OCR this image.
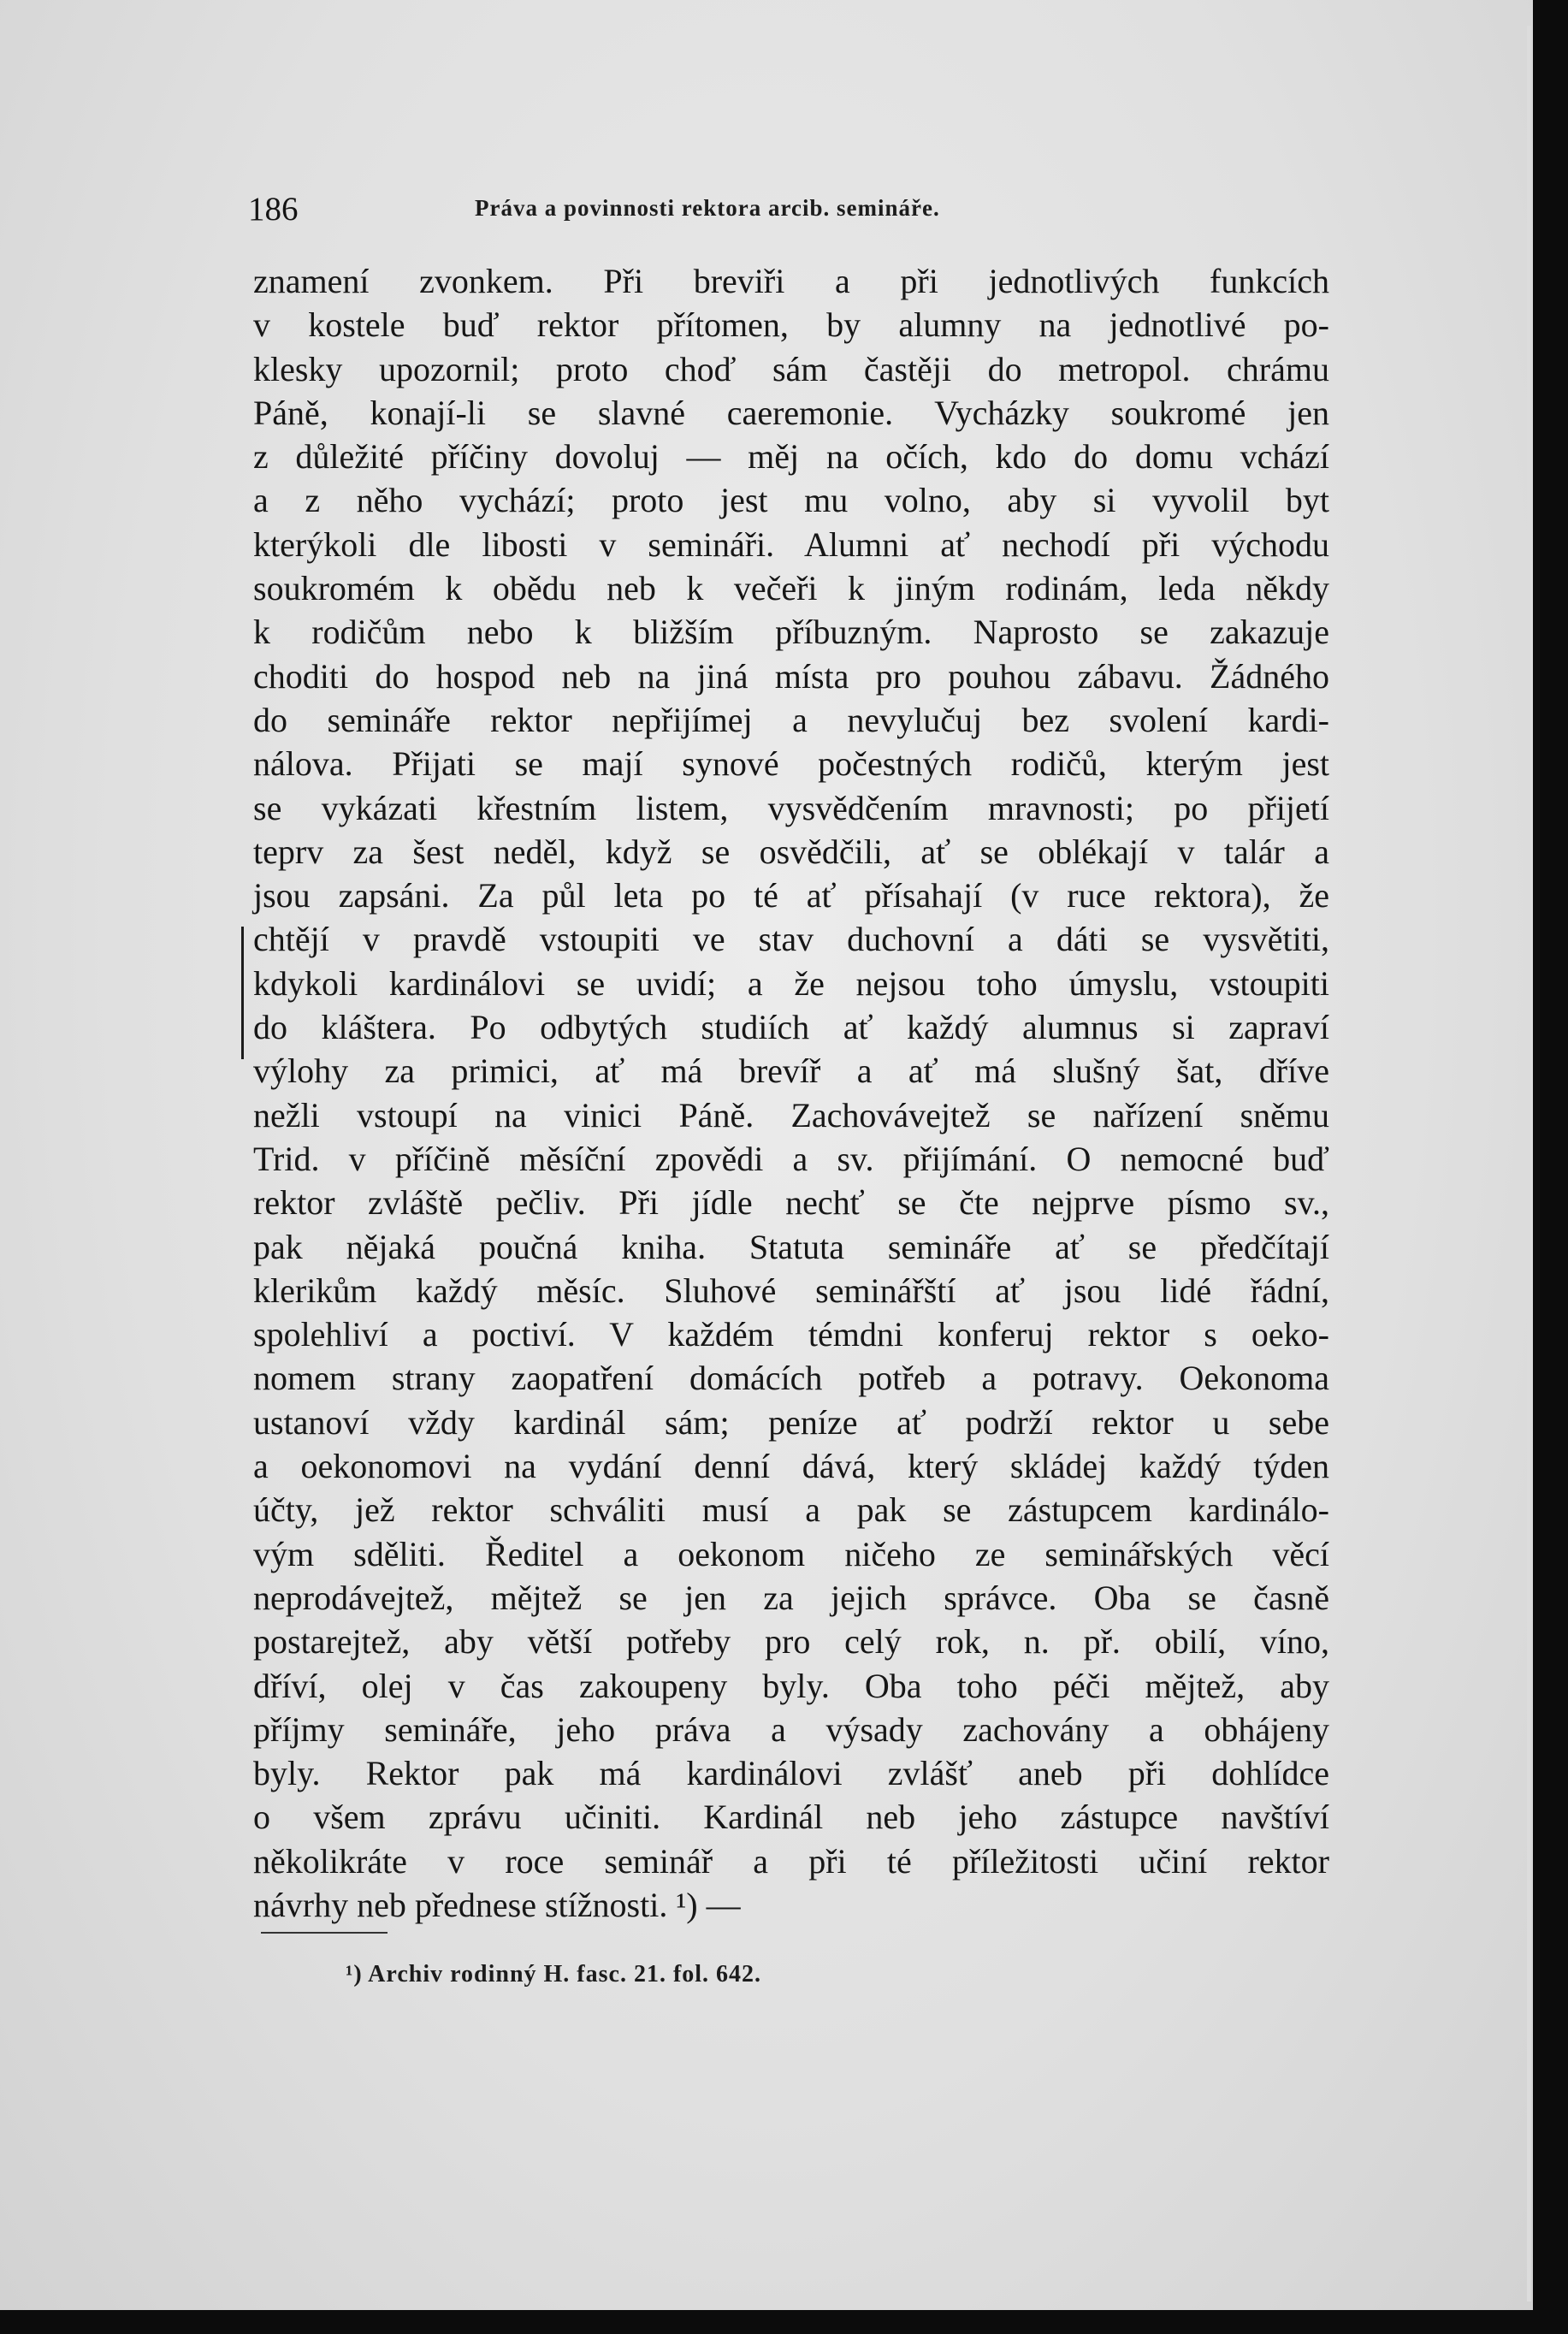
186	Práva a povinnosti rektora arcib. semináře.
znamení zvonkem. Při breviři a při jednotlivých funkcích
v kostele buď rektor přítomen, by alumny na jednotlivé po-
klesky upozornil; proto choď sám častěji do metropol. chrámu
Páně, konají-li se slavné caeremonie. Vycházky soukromé jen
z důležité příčiny dovoluj — měj na očích, kdo do domu vchází
a z něho vychází; proto jest mu volno, aby si vyvolil byt
kterýkoli dle libosti v semináři. Alumni ať nechodí při východu
soukromém k obědu neb k večeři k jiným rodinám, leda někdy
k rodičům nebo k bližším příbuzným. Naprosto se zakazuje
choditi do hospod neb na jiná místa pro pouhou zábavu. Žádného
do semináře rektor nepřijímej a nevylučuj bez svolení kardi-
nálova. Přijati se mají synové počestných rodičů, kterým jest
se vykázati křestním listem, vysvědčením mravnosti; po přijetí
teprv za šest neděl, když se osvědčili, ať se oblékají v talár a
jsou zapsáni. Za půl leta po té ať přísahají (v ruce rektora), že
chtějí v pravdě vstoupiti ve stav duchovní a dáti se vysvětiti,
kdykoli kardinálovi se uvidí; a že nejsou toho úmyslu, vstoupiti
do kláštera. Po odbytých studiích ať každý alumnus si zapraví
výlohy za primici, ať má brevíř a ať má slušný šat, dříve
nežli vstoupí na vinici Páně. Zachovávejtež se nařízení sněmu
Trid. v příčině měsíční zpovědi a sv. přijímání. O nemocné buď
rektor zvláště pečliv. Při jídle nechť se čte nejprve písmo sv.,
pak nějaká poučná kniha. Statuta semináře ať se předčítají
klerikům každý měsíc. Sluhové seminářští ať jsou lidé řádní,
spolehliví a poctiví. V každém témdni konferuj rektor s oeko-
nomem strany zaopatření domácích potřeb a potravy. Oekonoma
ustanoví vždy kardinál sám; peníze ať podrží rektor u sebe
a oekonomovi na vydání denní dává, který skládej každý týden
účty, jež rektor schváliti musí a pak se zástupcem kardinálo-
vým sděliti. Ředitel a oekonom ničeho ze seminářských věcí
neprodávejtež, mějtež se jen za jejich správce. Oba se časně
postarejtež, aby větší potřeby pro celý rok, n. př. obilí, víno,
dříví, olej v čas zakoupeny byly. Oba toho péči mějtež, aby
příjmy semináře, jeho práva a výsady zachovány a obhájeny
byly. Rektor pak má kardinálovi zvlášť aneb při dohlídce
o všem zprávu učiniti. Kardinál neb jeho zástupce navštíví
několikráte v roce seminář a při té příležitosti učiní rektor
návrhy neb přednese stížnosti. ¹) —
¹) Archiv rodinný H. fasc. 21. fol. 642.
